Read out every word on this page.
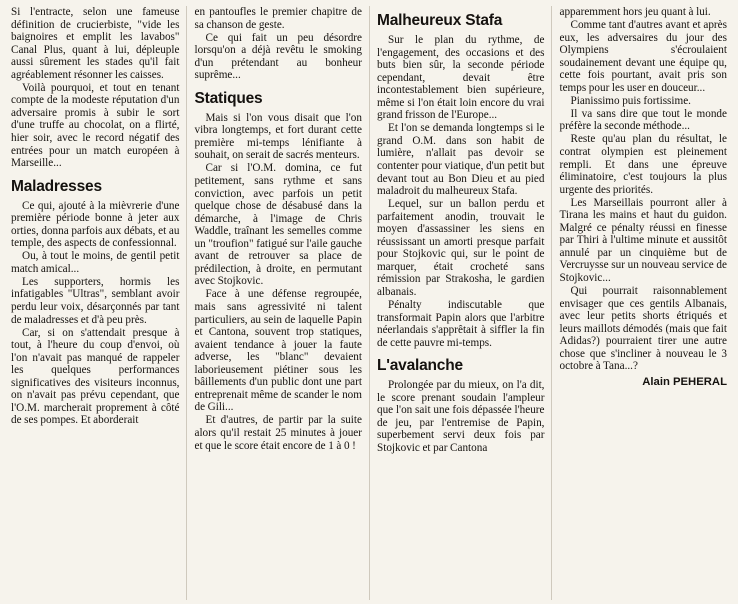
Si l'entracte, selon une fameuse définition de crucierbiste, "vide les baignoires et emplit les lavabos" Canal Plus, quant à lui, dépleuple aussi sûrement les stades qu'il fait agréablement résonner les caisses.

Voilà pourquoi, et tout en tenant compte de la modeste réputation d'un adversaire promis à subir le sort d'une truffe au chocolat, on a flirté, hier soir, avec le record négatif des entrées pour un match européen à Marseille...

Maladresses

Ce qui, ajouté à la mièvrerie d'une première période bonne à jeter aux orties, donna parfois aux débats, et au temple, des aspects de confessionnal.

Ou, à tout le moins, de gentil petit match amical...

Les supporters, hormis les infatigables "Ultras", semblant avoir perdu leur voix, désarçonnés par tant de maladresses et d'à peu près.

Car, si on s'attendait presque à tout, à l'heure du coup d'envoi, où l'on n'avait pas manqué de rappeler les quelques performances significatives des visiteurs inconnus, on n'avait pas prévu cependant, que l'O.M. marcherait proprement à côté de ses pompes. Et aborderait

en pantoufles le premier chapitre de sa chanson de geste.

Ce qui fait un peu désordre lorsqu'on a déjà revêtu le smoking d'un prétendant au bonheur suprême...

Statiques

Mais si l'on vous disait que l'on vibra longtemps, et fort durant cette première mi-temps lénifiante à souhait, on serait de sacrés menteurs.

Car si l'O.M. domina, ce fut petitement, sans rythme et sans conviction, avec parfois un petit quelque chose de désabusé dans la démarche, à l'image de Chris Waddle, traînant les semelles comme un "troufion" fatigué sur l'aile gauche avant de retrouver sa place de prédilection, à droite, en permutant avec Stojkovic.

Face à une défense regroupée, mais sans agressivité ni talent particuliers, au sein de laquelle Papin et Cantona, souvent trop statiques, avaient tendance à jouer la faute adverse, les "blanc" devaient laborieusement piétiner sous les bâillements d'un public dont une part entreprenait même de scander le nom de Gili...

Et d'autres, de partir par la suite alors qu'il restait 25 minutes à jouer et que le score était encore de 1 à 0 !

Malheureux Stafa

Sur le plan du rythme, de l'engagement, des occasions et des buts bien sûr, la seconde période cependant, devait être incontestablement bien supérieure, même si l'on était loin encore du vrai grand frisson de l'Europe...

Et l'on se demanda longtemps si le grand O.M. dans son habit de lumière, n'allait pas devoir se contenter pour viatique, d'un petit but devant tout au Bon Dieu et au pied maladroit du malheureux Stafa.

Lequel, sur un ballon perdu et parfaitement anodin, trouvait le moyen d'assassiner les siens en réussissant un amorti presque parfait pour Stojkovic qui, sur le point de marquer, était crocheté sans rémission par Strakosha, le gardien albanais.

Pénalty indiscutable que transformait Papin alors que l'arbitre néerlandais s'apprêtait à siffler la fin de cette pauvre mi-temps.

L'avalanche

Prolongée par du mieux, on l'a dit, le score prenant soudain l'ampleur que l'on sait une fois dépassée l'heure de jeu, par l'entremise de Papin, superbement servi deux fois par Stojkovic et par Cantona

apparemment hors jeu quant à lui.

Comme tant d'autres avant et après eux, les adversaires du jour des Olympiens s'écroulaient soudainement devant une équipe qu, cette fois pourtant, avait pris son temps pour les user en douceur...

Pianissimo puis fortissime.

Il va sans dire que tout le monde préfère la seconde méthode...

Reste qu'au plan du résultat, le contrat olympien est pleinement rempli. Et dans une épreuve éliminatoire, c'est toujours la plus urgente des priorités.

Les Marseillais pourront aller à Tirana les mains et haut du guidon. Malgré ce pénalty réussi en finesse par Thiri à l'ultime minute et aussitôt annulé par un cinquième but de Vercruysse sur un nouveau service de Stojkovic...

Qui pourrait raisonnablement envisager que ces gentils Albanais, avec leur petits shorts étriqués et leurs maillots démodés (mais que fait Adidas?) pourraient tirer une autre chose que s'incliner à nouveau le 3 octobre à Tana...?

Alain PEHERAL
